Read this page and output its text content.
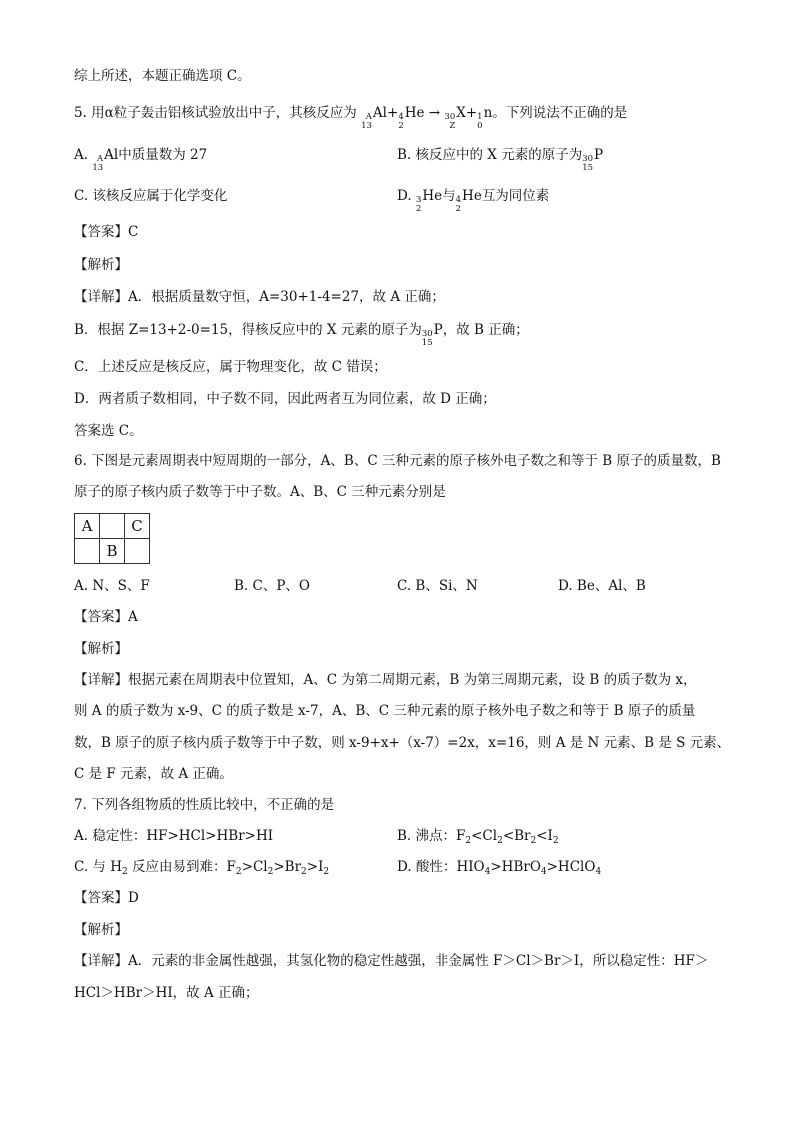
综上所述，本题正确选项 C。
5. 用α粒子轰击铝核试验放出中子，其核反应为	A
13
Al+ 4
2
He → 30
Z
X+ 1
0
n。下列说法不正确的是
A.	A
13
Al中质量数为 27	B. 核反应中的 X 元素的原子为 30
15
P
C. 该核反应属于化学变化	D. 3
2
He与 4
2
He互为同位素
【答案】C
【解析】
【详解】A．根据质量数守恒，A=30+1-4=27，故 A 正确；
B．根据 Z=13+2-0=15，得核反应中的 X 元素的原子为 30
15
P，故 B 正确；
C．上述反应是核反应，属于物理变化，故 C 错误；
D．两者质子数相同，中子数不同，因此两者互为同位素，故 D 正确；
答案选 C。
6. 下图是元素周期表中短周期的一部分，A、B、C 三种元素的原子核外电子数之和等于 B 原子的质量数，B
原子的原子核内质子数等于中子数。A、B、C 三种元素分别是
A		C
	B	
A. N、S、F	B. C、P、O	C. B、Si、N	D. Be、Al、B
【答案】A
【解析】
【详解】根据元素在周期表中位置知，A、C 为第二周期元素，B 为第三周期元素，设 B 的质子数为 x，
则 A 的质子数为 x-9、C 的质子数是 x-7，A、B、C 三种元素的原子核外电子数之和等于 B 原子的质量
数，B 原子的原子核内质子数等于中子数，则 x-9+x+（x-7）=2x，x=16，则 A 是 N 元素、B 是 S 元素、
C 是 F 元素，故 A 正确。
7. 下列各组物质的性质比较中，不正确的是
A. 稳定性：HF>HCl>HBr>HI	B. 沸点：$F_2<Cl_2<Br_2<I_2$
C. 与 $H_2$ 反应由易到难：$F_2>Cl_2>Br_2>I_2$	D. 酸性：$HIO_4>HBrO_4>HClO_4$
【答案】D
【解析】
【详解】A．元素的非金属性越强，其氢化物的稳定性越强，非金属性 F＞Cl＞Br＞I，所以稳定性：HF＞
HCl＞HBr＞HI，故 A 正确；
